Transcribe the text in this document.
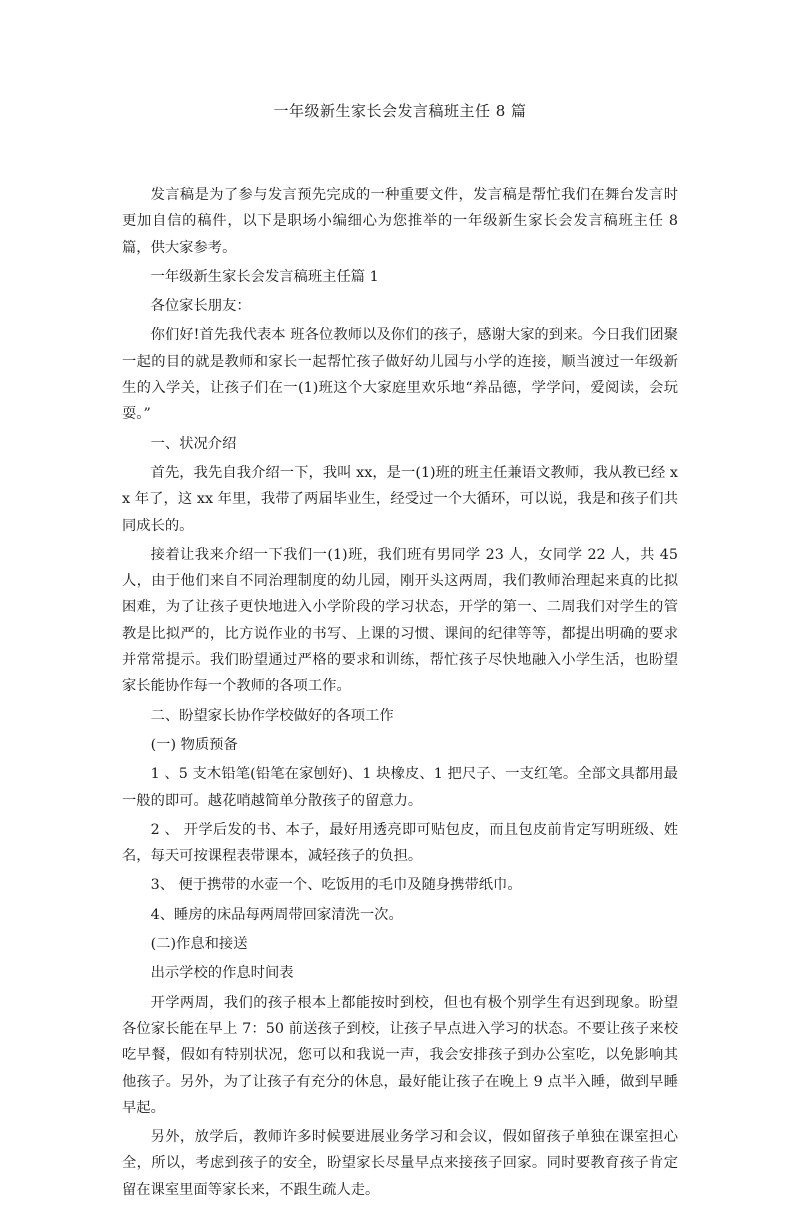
一年级新生家长会发言稿班主任 8 篇

发言稿是为了参与发言预先完成的一种重要文件，发言稿是帮忙我们在舞台发言时更加自信的稿件，以下是职场小编细心为您推举的一年级新生家长会发言稿班主任 8 篇，供大家参考。

一年级新生家长会发言稿班主任篇 1

各位家长朋友：

你们好!首先我代表本 班各位教师以及你们的孩子，感谢大家的到来。今日我们团聚一起的目的就是教师和家长一起帮忙孩子做好幼儿园与小学的连接，顺当渡过一年级新生的入学关，让孩子们在一(1)班这个大家庭里欢乐地“养品德，学学问，爱阅读，会玩耍。”

一、状况介绍

首先，我先自我介绍一下，我叫 xx，是一(1)班的班主任兼语文教师，我从教已经 xx 年了，这 xx 年里，我带了两届毕业生，经受过一个大循环，可以说，我是和孩子们共同成长的。

接着让我来介绍一下我们一(1)班，我们班有男同学 23 人，女同学 22 人，共 45 人，由于他们来自不同治理制度的幼儿园，刚开头这两周，我们教师治理起来真的比拟困难，为了让孩子更快地进入小学阶段的学习状态，开学的第一、二周我们对学生的管教是比拟严的，比方说作业的书写、上课的习惯、课间的纪律等等，都提出明确的要求并常常提示。我们盼望通过严格的要求和训练，帮忙孩子尽快地融入小学生活，也盼望家长能协作每一个教师的各项工作。

二、盼望家长协作学校做好的各项工作

(一) 物质预备

1 、5 支木铅笔(铅笔在家刨好)、1 块橡皮、1 把尺子、一支红笔。全部文具都用最一般的即可。越花哨越简单分散孩子的留意力。

2 、 开学后发的书、本子，最好用透亮即可贴包皮，而且包皮前肯定写明班级、姓名，每天可按课程表带课本，减轻孩子的负担。

3、 便于携带的水壶一个、吃饭用的毛巾及随身携带纸巾。

4、睡房的床品每两周带回家清洗一次。

(二)作息和接送

出示学校的作息时间表

开学两周，我们的孩子根本上都能按时到校，但也有极个别学生有迟到现象。盼望各位家长能在早上 7：50 前送孩子到校，让孩子早点进入学习的状态。不要让孩子来校吃早餐，假如有特别状况，您可以和我说一声，我会安排孩子到办公室吃，以免影响其他孩子。另外，为了让孩子有充分的休息，最好能让孩子在晚上 9 点半入睡，做到早睡早起。

另外，放学后，教师许多时候要进展业务学习和会议，假如留孩子单独在课室担心全，所以，考虑到孩子的安全，盼望家长尽量早点来接孩子回家。同时要教育孩子肯定留在课室里面等家长来，不跟生疏人走。
